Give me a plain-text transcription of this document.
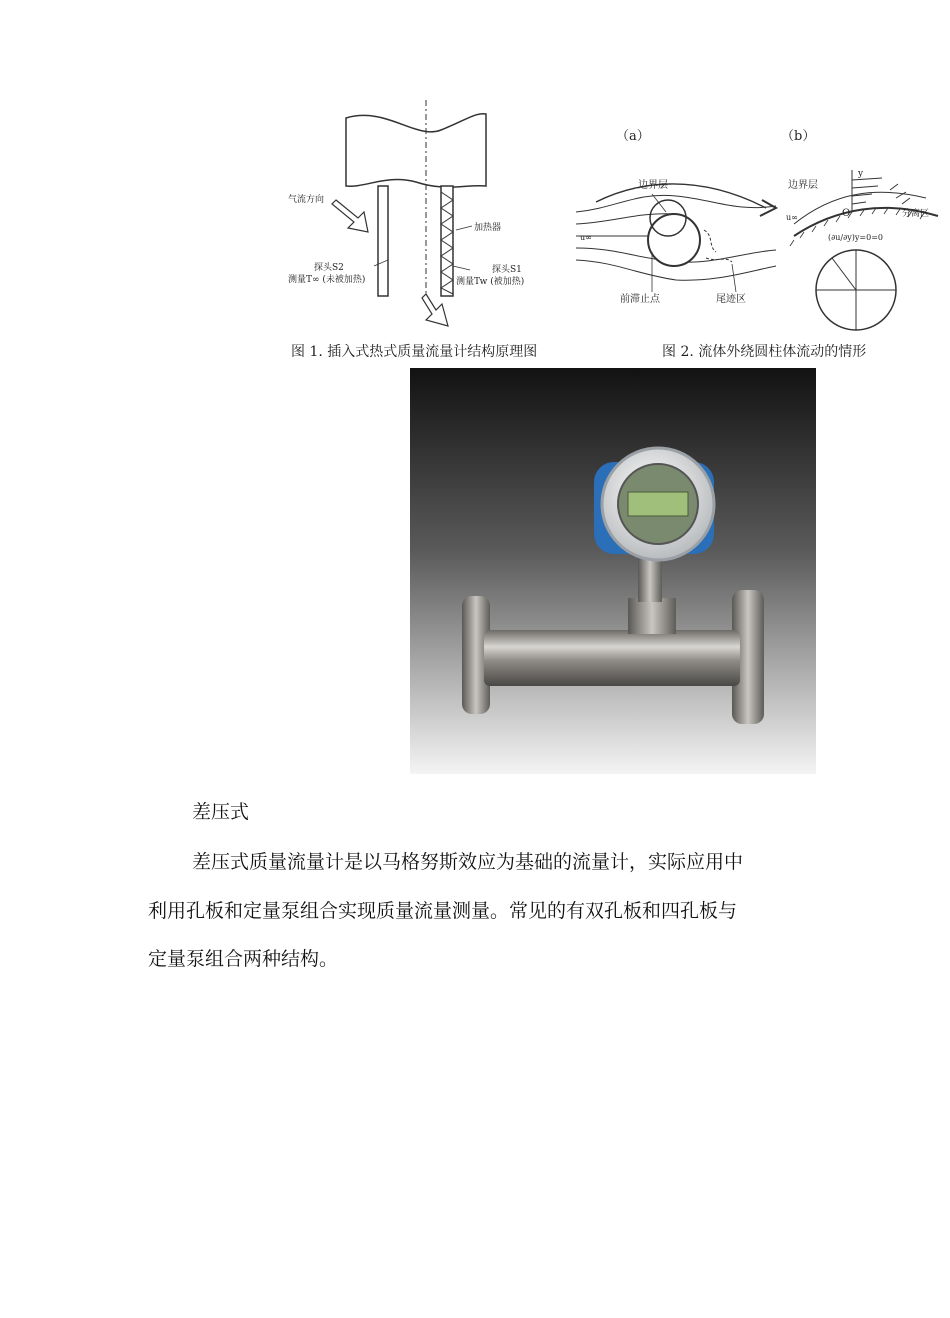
气流方向
加热器
探头S2
测量T∞ (未被加热)
探头S1
测量Tw (被加热)
（a）	（b）
边界层
u∞
前滞止点	尾迹区
边界层
u∞
y
O	分离区
(∂u/∂y)y=0=0
图 1. 插入式热式质量流量计结构原理图	图 2. 流体外绕圆柱体流动的情形
差压式
差压式质量流量计是以马格努斯效应为基础的流量计，实际应用中
利用孔板和定量泵组合实现质量流量测量。常见的有双孔板和四孔板与
定量泵组合两种结构。
